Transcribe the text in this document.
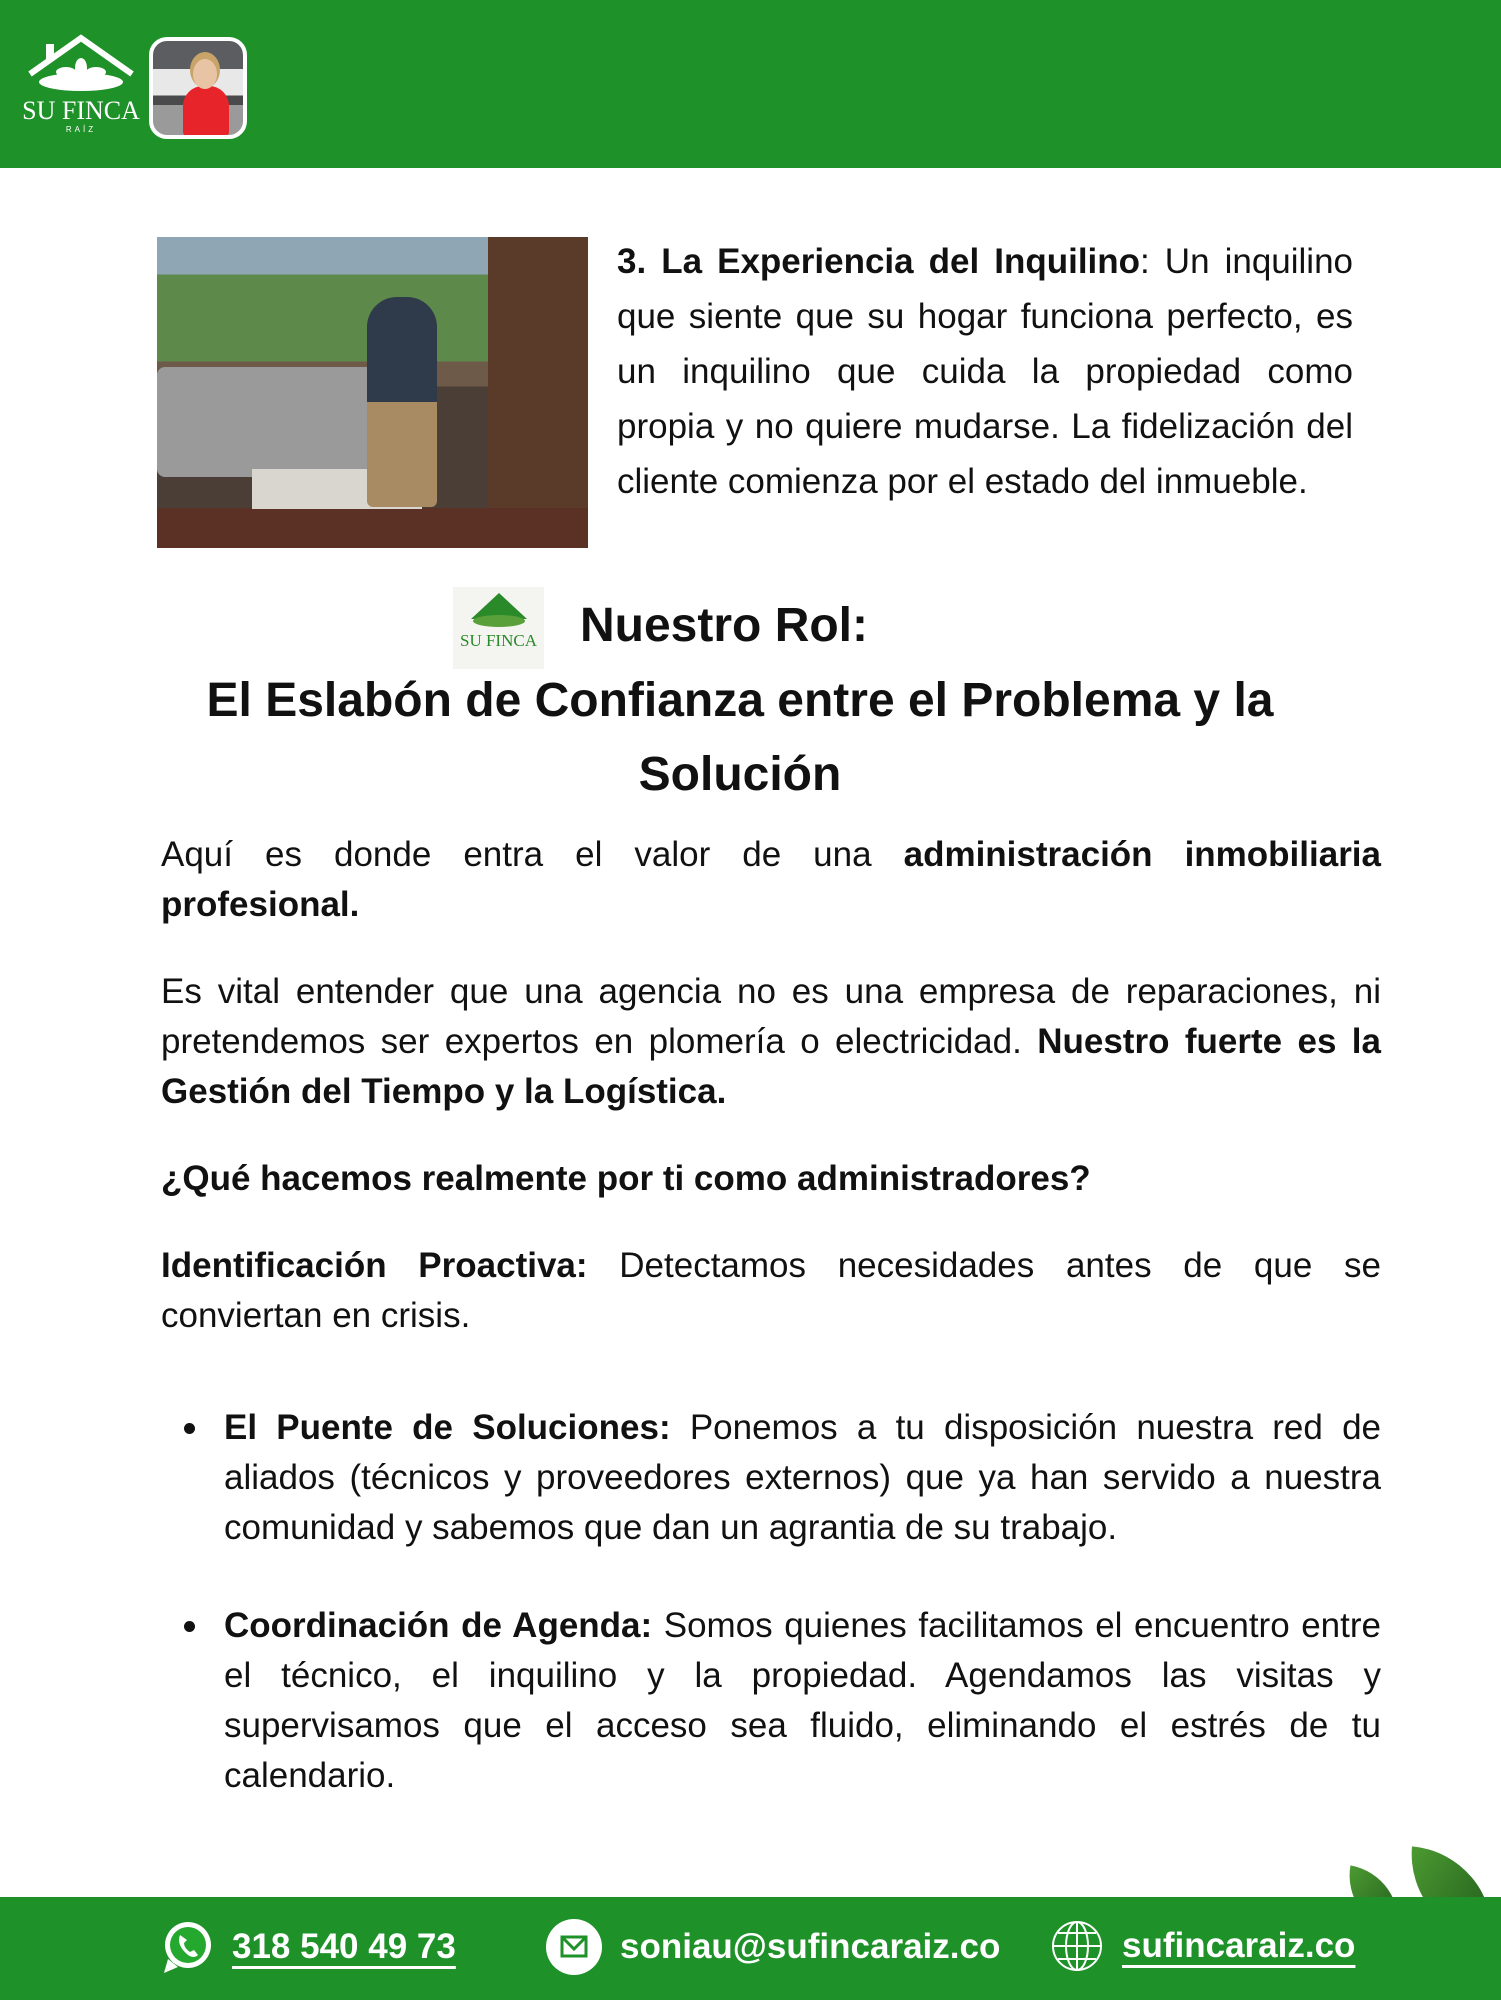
SU FINCA
RAÍZ
3. La Experiencia del Inquilino: Un inquilino que siente que su hogar funciona perfecto, es un inquilino que cuida la propiedad como propia y no quiere mudarse. La fidelización del cliente comienza por el estado del inmueble.
SU FINCA Nuestro Rol:
El Eslabón de Confianza entre el Problema y la Solución

Aquí es donde entra el valor de una administración inmobiliaria profesional.

Es vital entender que una agencia no es una empresa de reparaciones, ni pretendemos ser expertos en plomería o electricidad. Nuestro fuerte es la Gestión del Tiempo y la Logística.

¿Qué hacemos realmente por ti como administradores?

Identificación Proactiva: Detectamos necesidades antes de que se conviertan en crisis.

El Puente de Soluciones: Ponemos a tu disposición nuestra red de aliados (técnicos y proveedores externos) que ya han servido a nuestra comunidad y sabemos que dan un agrantia de su trabajo.
Coordinación de Agenda: Somos quienes facilitamos el encuentro entre el técnico, el inquilino y la propiedad. Agendamos las visitas y supervisamos que el acceso sea fluido, eliminando el estrés de tu calendario.
318 540 49 73	soniau@sufincaraiz.co	sufincaraiz.co
